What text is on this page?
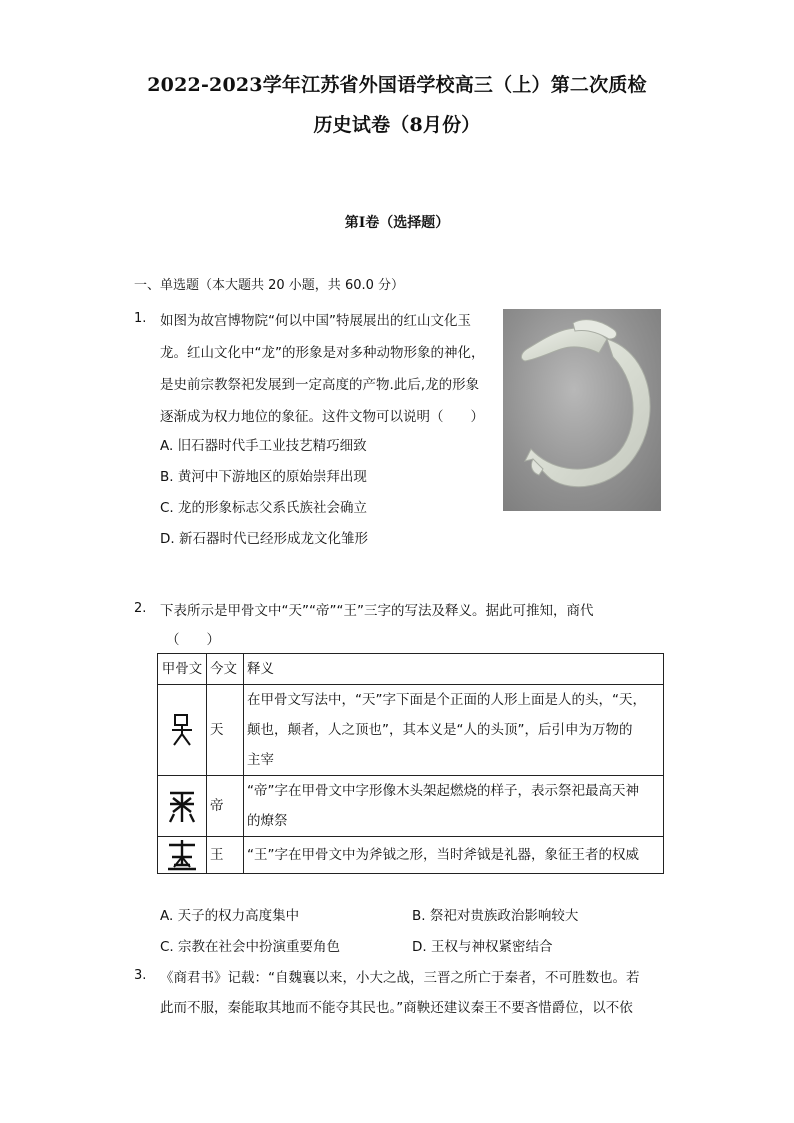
2022-2023学年江苏省外国语学校高三（上）第二次质检
历史试卷（8月份）
第I卷（选择题）
一、单选题（本大题共 20 小题，共 60.0 分）
1. 如图为故宫博物院“何以中国”特展展出的红山文化玉
龙。红山文化中“龙”的形象是对多种动物形象的神化，
是史前宗教祭祀发展到一定高度的产物.此后,龙的形象
逐渐成为权力地位的象征。这件文物可以说明（　　）
A. 旧石器时代手工业技艺精巧细致
B. 黄河中下游地区的原始崇拜出现
C. 龙的形象标志父系氏族社会确立
D. 新石器时代已经形成龙文化雏形
2. 下表所示是甲骨文中“天”“帝”“王”三字的写法及释义。据此可推知，商代
（　　）
甲骨文	今文	释义
	天	在甲骨文写法中，“天”字下面是个正面的人形上面是人的头，“天，
颠也，颠者，人之顶也”，其本义是“人的头顶”，后引申为万物的
主宰

	帝	“帝”字在甲骨文中字形像木头架起燃烧的样子，表示祭祀最高天神
的燎祭

	王	“王”字在甲骨文中为斧钺之形，当时斧钺是礼器，象征王者的权威
A. 天子的权力高度集中	B. 祭祀对贵族政治影响较大
C. 宗教在社会中扮演重要角色	D. 王权与神权紧密结合
3. 《商君书》记载：“自魏襄以来，小大之战，三晋之所亡于秦者，不可胜数也。若
此而不服，秦能取其地而不能夺其民也。”商鞅还建议秦王不要吝惜爵位，以不依
